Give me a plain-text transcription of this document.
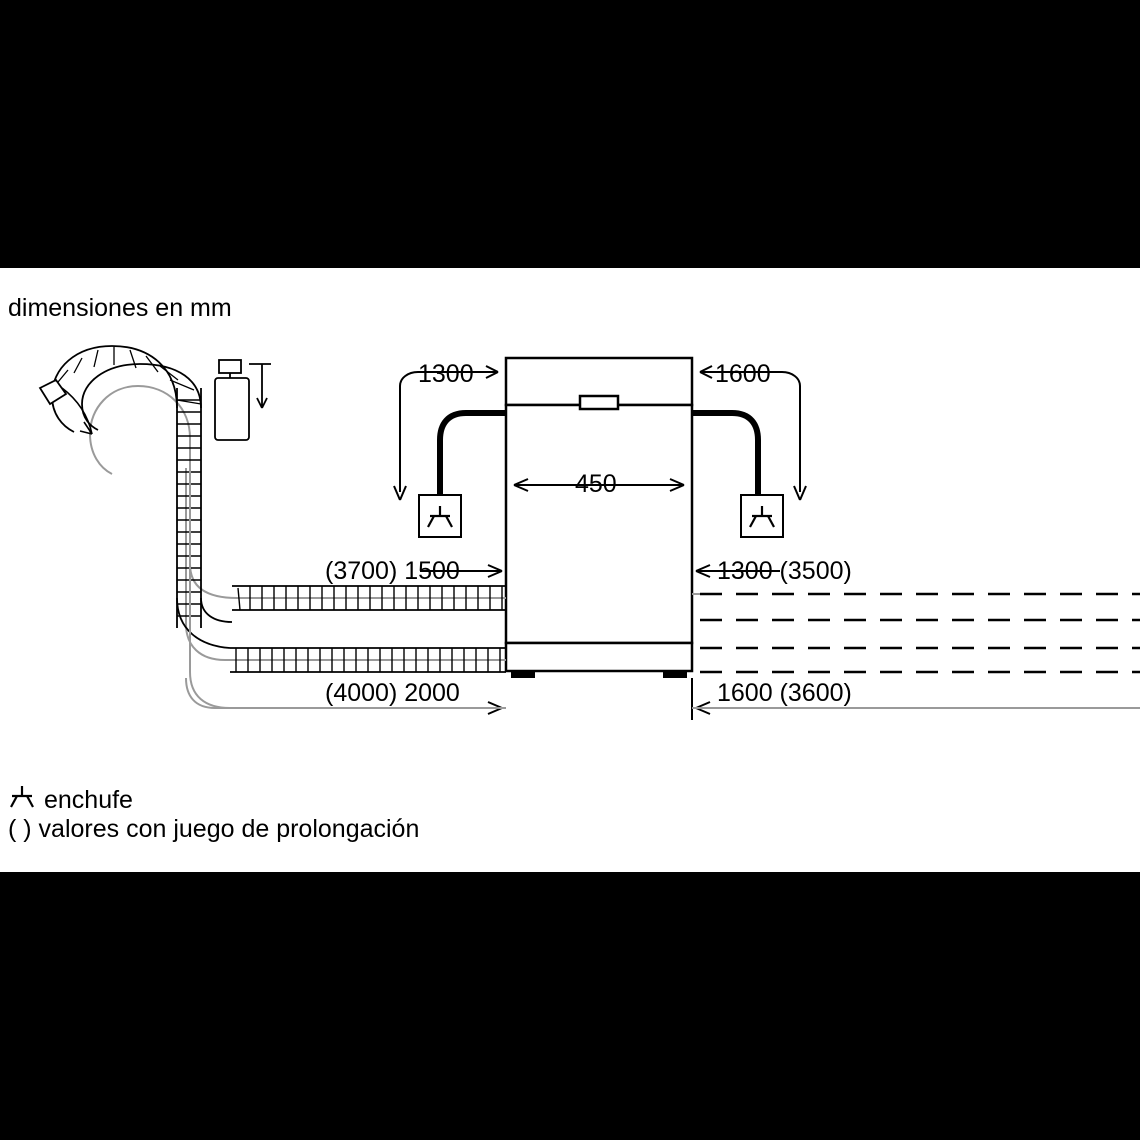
dimensiones en mm
1300	1600
450
(3700) 1500	1300 (3500)
(4000) 2000	1600 (3600)
enchufe
( ) valores con juego de prolongación
